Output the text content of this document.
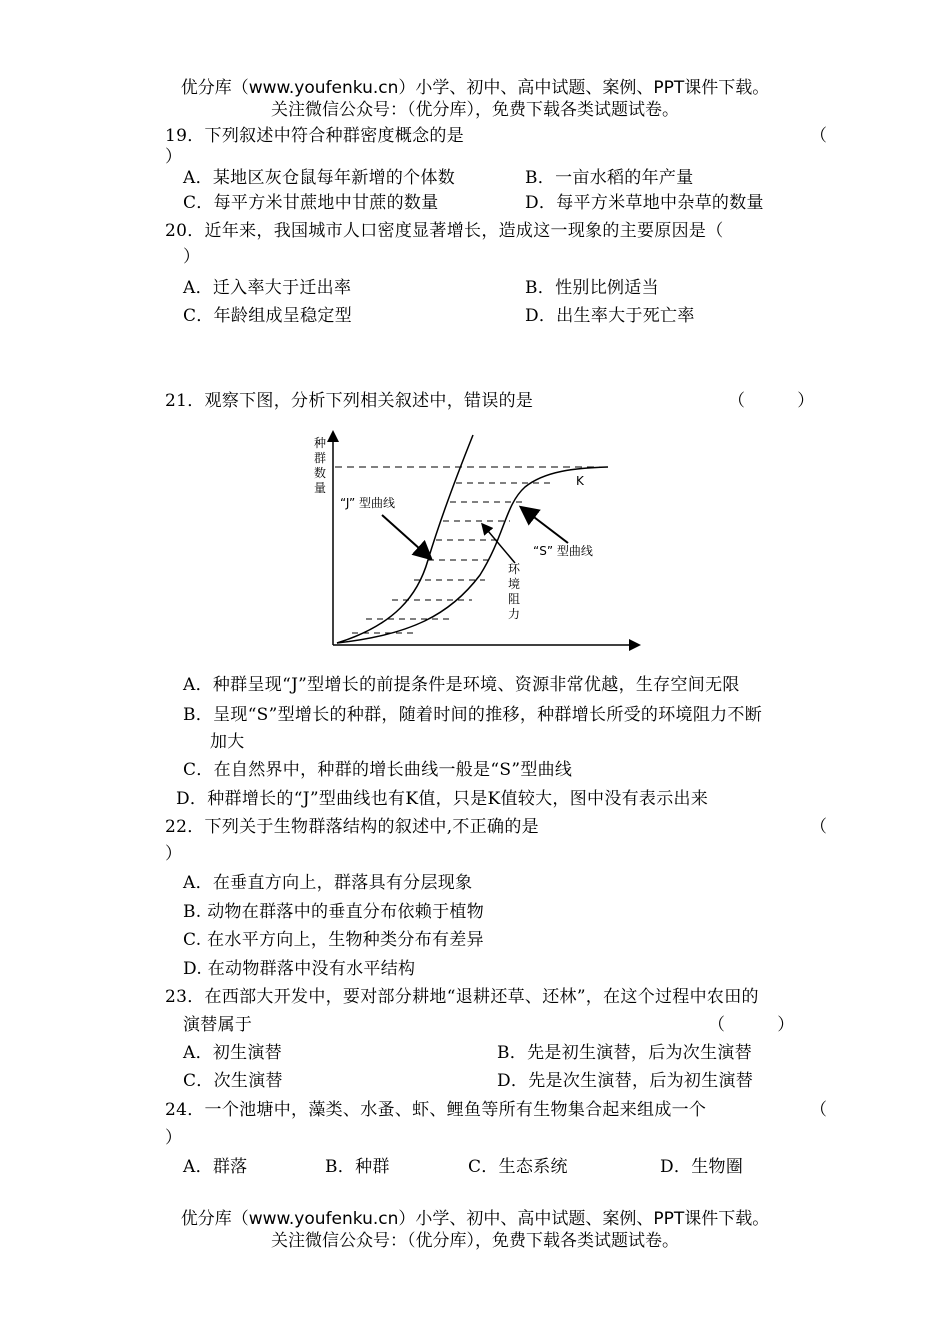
优分库（www.youfenku.cn）小学、初中、高中试题、案例、PPT课件下载。
关注微信公众号：（优分库），免费下载各类试题试卷。
19．下列叙述中符合种群密度概念的是	（
）
A．某地区灰仓鼠每年新增的个体数	B．一亩水稻的年产量
C．每平方米甘蔗地中甘蔗的数量	D．每平方米草地中杂草的数量
20．近年来，我国城市人口密度显著增长，造成这一现象的主要原因是（
）
A．迁入率大于迁出率	B．性别比例适当
C．年龄组成呈稳定型	D．出生率大于死亡率
21．观察下图，分析下列相关叙述中，错误的是	（　　　）
种
群
数
量
“J” 型曲线
“S” 型曲线
K
环
境
阻
力
A．种群呈现“J”型增长的前提条件是环境、资源非常优越，生存空间无限
B．呈现“S”型增长的种群，随着时间的推移，种群增长所受的环境阻力不断
加大
C．在自然界中，种群的增长曲线一般是“S”型曲线
D．种群增长的“J”型曲线也有K值，只是K值较大，图中没有表示出来
22．下列关于生物群落结构的叙述中,不正确的是	（
）
A．在垂直方向上，群落具有分层现象
B. 动物在群落中的垂直分布依赖于植物
C. 在水平方向上，生物种类分布有差异
D. 在动物群落中没有水平结构
23．在西部大开发中，要对部分耕地“退耕还草、还林”，在这个过程中农田的
演替属于	（　　　）
A．初生演替	B．先是初生演替，后为次生演替
C．次生演替	D．先是次生演替，后为初生演替
24．一个池塘中，藻类、水蚤、虾、鲤鱼等所有生物集合起来组成一个	（
）
A．群落	B．种群	C．生态系统	D．生物圈
优分库（www.youfenku.cn）小学、初中、高中试题、案例、PPT课件下载。
关注微信公众号：（优分库），免费下载各类试题试卷。
